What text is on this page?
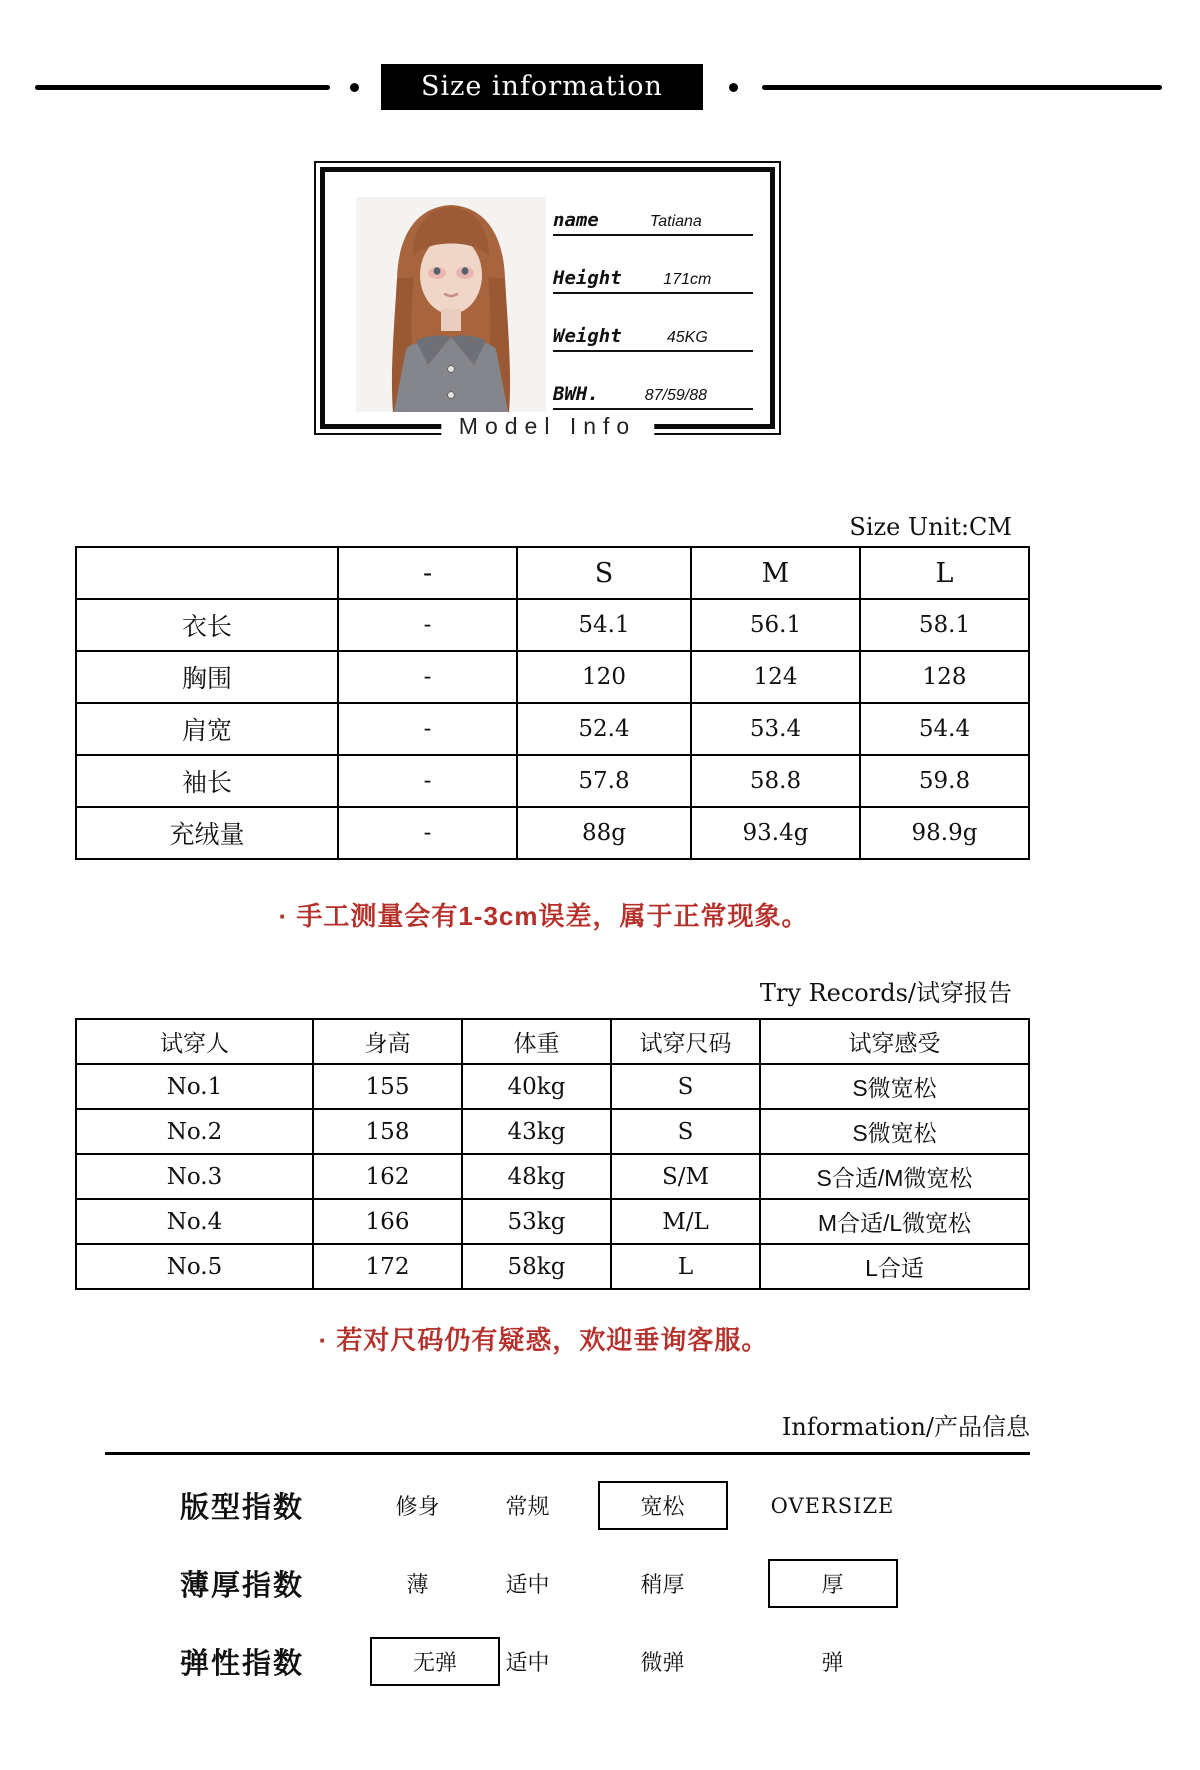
Size information
name	Tatiana
Height	171cm
Weight	45KG
BWH.	87/59/88
Model Info
Size Unit:CM
	-	S	M	L
衣长	-	54.1	56.1	58.1
胸围	-	120	124	128
肩宽	-	52.4	53.4	54.4
袖长	-	57.8	58.8	59.8
充绒量	-	88g	93.4g	98.9g
· 手工测量会有1-3cm误差，属于正常现象。
Try Records/试穿报告
试穿人	身高	体重	试穿尺码	试穿感受
No.1	155	40kg	S	S微宽松
No.2	158	43kg	S	S微宽松
No.3	162	48kg	S/M	S合适/M微宽松
No.4	166	53kg	M/L	M合适/L微宽松
No.5	172	58kg	L	L合适
· 若对尺码仍有疑惑，欢迎垂询客服。
Information/产品信息
版型指数	修身	常规	宽松	OVERSIZE
薄厚指数	薄	适中	稍厚	厚
弹性指数	无弹	适中	微弹	弹
